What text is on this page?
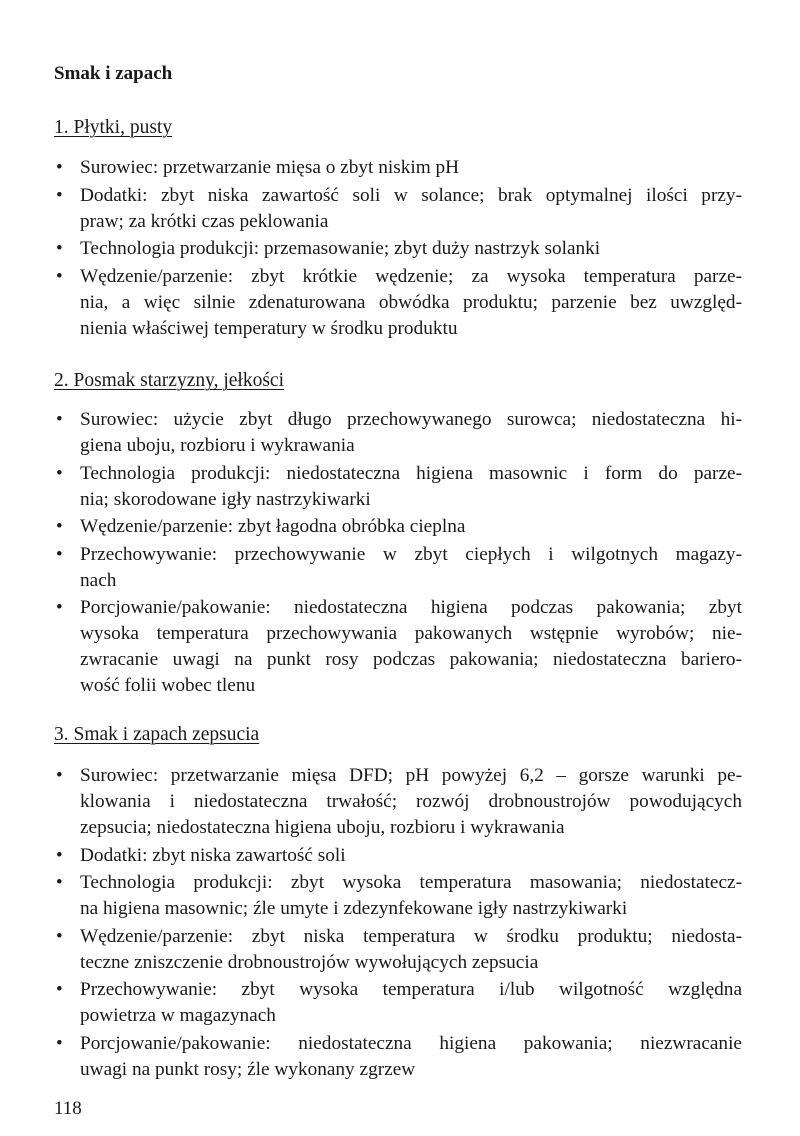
Smak i zapach
1. Płytki, pusty
• Surowiec: przetwarzanie mięsa o zbyt niskim pH
• Dodatki: zbyt niska zawartość soli w solance; brak optymalnej ilości przy-
praw; za krótki czas peklowania
• Technologia produkcji: przemasowanie; zbyt duży nastrzyk solanki
• Wędzenie/parzenie: zbyt krótkie wędzenie; za wysoka temperatura parze-
nia, a więc silnie zdenaturowana obwódka produktu; parzenie bez uwzględ-
nienia właściwej temperatury w środku produktu
2. Posmak starzyzny, jełkości
• Surowiec: użycie zbyt długo przechowywanego surowca; niedostateczna hi-
giena uboju, rozbioru i wykrawania
• Technologia produkcji: niedostateczna higiena masownic i form do parze-
nia; skorodowane igły nastrzykiwarki
• Wędzenie/parzenie: zbyt łagodna obróbka cieplna
• Przechowywanie: przechowywanie w zbyt ciepłych i wilgotnych magazy-
nach
• Porcjowanie/pakowanie: niedostateczna higiena podczas pakowania; zbyt
wysoka temperatura przechowywania pakowanych wstępnie wyrobów; nie-
zwracanie uwagi na punkt rosy podczas pakowania; niedostateczna bariero-
wość folii wobec tlenu
3. Smak i zapach zepsucia
• Surowiec: przetwarzanie mięsa DFD; pH powyżej 6,2 – gorsze warunki pe-
klowania i niedostateczna trwałość; rozwój drobnoustrojów powodujących
zepsucia; niedostateczna higiena uboju, rozbioru i wykrawania
• Dodatki: zbyt niska zawartość soli
• Technologia produkcji: zbyt wysoka temperatura masowania; niedostatecz-
na higiena masownic; źle umyte i zdezynfekowane igły nastrzykiwarki
• Wędzenie/parzenie: zbyt niska temperatura w środku produktu; niedosta-
teczne zniszczenie drobnoustrojów wywołujących zepsucia
• Przechowywanie: zbyt wysoka temperatura i/lub wilgotność względna
powietrza w magazynach
• Porcjowanie/pakowanie: niedostateczna higiena pakowania; niezwracanie
uwagi na punkt rosy; źle wykonany zgrzew
118
